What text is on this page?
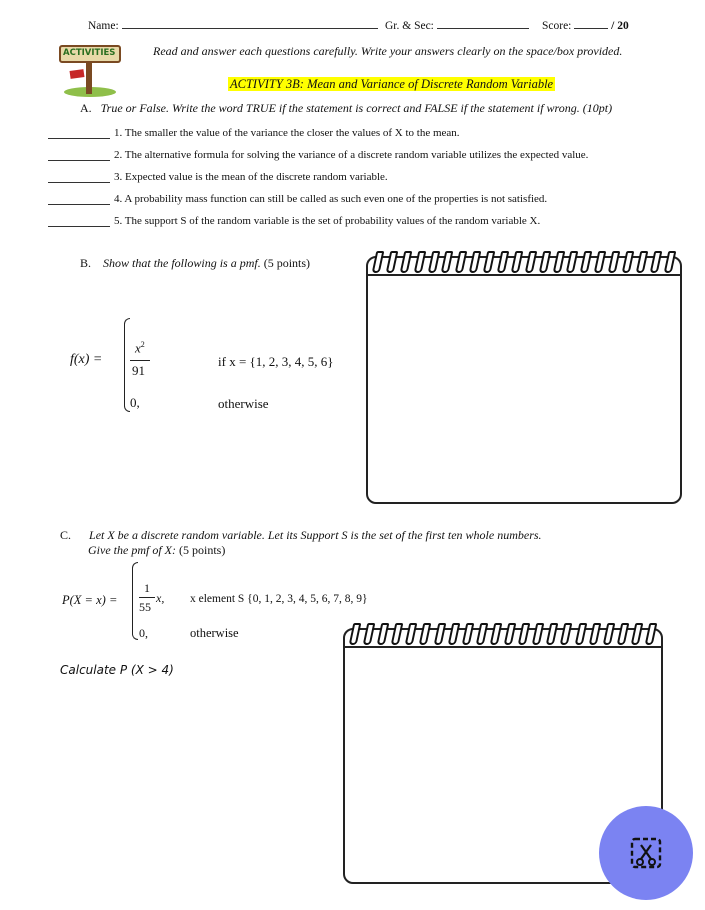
Name:	Gr. & Sec:	Score:	/ 20
ACTIVITIES	Read and answer each questions carefully. Write your answers clearly on the space/box provided.
ACTIVITY 3B: Mean and Variance of Discrete Random Variable
A. True or False. Write the word TRUE if the statement is correct and FALSE if the statement if wrong. (10pt)
1. The smaller the value of the variance the closer the values of X to the mean.
2. The alternative formula for solving the variance of a discrete random variable utilizes the expected value.
3. Expected value is the mean of the discrete random variable.
4. A probability mass function can still be called as such even one of the properties is not satisfied.
5. The support S of the random variable is the set of probability values of the random variable X.
B. Show that the following is a pmf. (5 points)
f(x) =
$x^2$
91
if x = {1, 2, 3, 4, 5, 6}
0,	otherwise
C. Let X be a discrete random variable. Let its Support S is the set of the first ten whole numbers.
Give the pmf of X: (5 points)
P(X = x) =
1
55
x, x element S {0, 1, 2, 3, 4, 5, 6, 7, 8, 9}
0,	otherwise
Calculate P (X > 4)
